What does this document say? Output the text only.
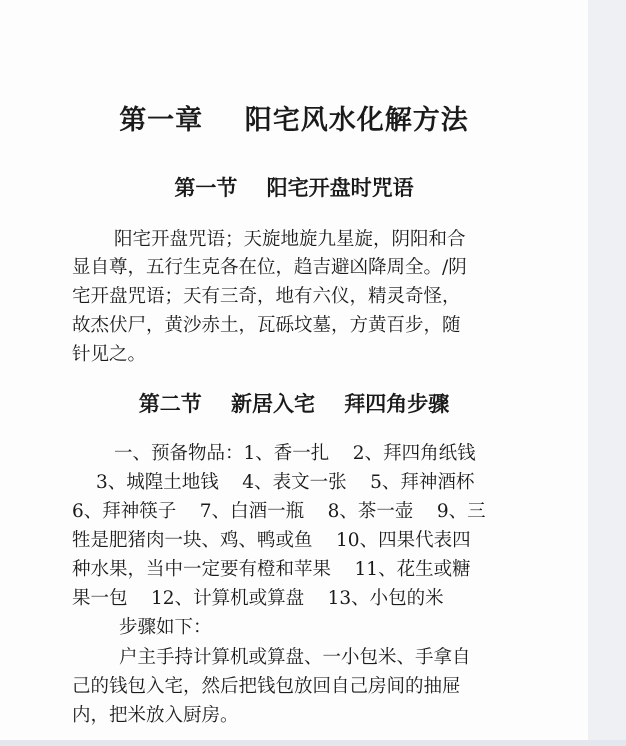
第一章    阳宅风水化解方法
第一节    阳宅开盘时咒语
阳宅开盘咒语；天旋地旋九星旋，阴阳和合
显自尊，五行生克各在位，趋吉避凶降周全。/阴
宅开盘咒语；天有三奇，地有六仪，精灵奇怪，
故杰伏尸，黄沙赤土，瓦砾坟墓，方黄百步，随
针见之。
第二节    新居入宅    拜四角步骤
一、预备物品：1、香一扎    2、拜四角纸钱
3、城隍土地钱    4、表文一张    5、拜神酒杯
6、拜神筷子    7、白酒一瓶    8、茶一壶    9、三
牲是肥猪肉一块、鸡、鸭或鱼    10、四果代表四
种水果，当中一定要有橙和苹果    11、花生或糖
果一包    12、计算机或算盘    13、小包的米
步骤如下：
户主手持计算机或算盘、一小包米、手拿自
己的钱包入宅，然后把钱包放回自己房间的抽屉
内，把米放入厨房。
